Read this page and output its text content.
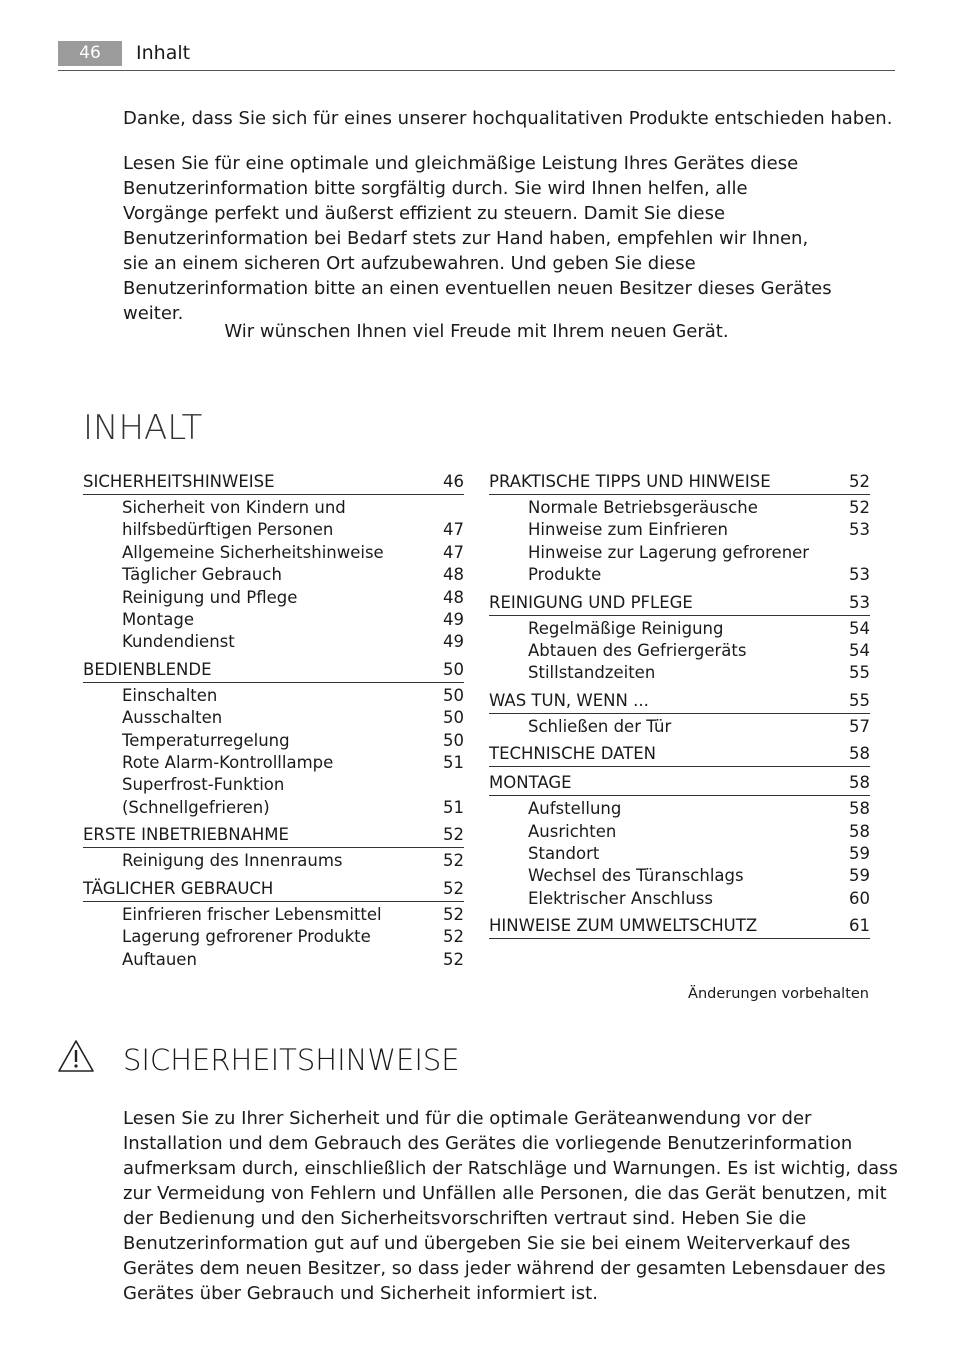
46	Inhalt

Danke, dass Sie sich für eines unserer hochqualitativen Produkte entschieden haben.

Lesen Sie für eine optimale und gleichmäßige Leistung Ihres Gerätes diese Benutzerinformation bitte sorgfältig durch. Sie wird Ihnen helfen, alle Vorgänge perfekt und äußerst effizient zu steuern. Damit Sie diese Benutzerinformation bei Bedarf stets zur Hand haben, empfehlen wir Ihnen, sie an einem sicheren Ort aufzubewahren. Und geben Sie diese Benutzerinformation bitte an einen eventuellen neuen Besitzer dieses Gerätes weiter.

Wir wünschen Ihnen viel Freude mit Ihrem neuen Gerät.
INHALT
SICHERHEITSHINWEISE	46
Sicherheit von Kindern und
hilfsbedürftigen Personen	47
Allgemeine Sicherheitshinweise	47
Täglicher Gebrauch	48
Reinigung und Pflege	48
Montage	49
Kundendienst	49
BEDIENBLENDE	50
Einschalten	50
Ausschalten	50
Temperaturregelung	50
Rote Alarm-Kontrolllampe	51
Superfrost-Funktion (Schnellgefrieren)	51
ERSTE INBETRIEBNAHME	52
Reinigung des Innenraums	52
TÄGLICHER GEBRAUCH	52
Einfrieren frischer Lebensmittel	52
Lagerung gefrorener Produkte	52
Auftauen	52
PRAKTISCHE TIPPS UND HINWEISE	52
Normale Betriebsgeräusche	52
Hinweise zum Einfrieren	53
Hinweise zur Lagerung gefrorener Produkte	53
REINIGUNG UND PFLEGE	53
Regelmäßige Reinigung	54
Abtauen des Gefriergeräts	54
Stillstandzeiten	55
WAS TUN, WENN ...	55
Schließen der Tür	57
TECHNISCHE DATEN	58
MONTAGE	58
Aufstellung	58
Ausrichten	58
Standort	59
Wechsel des Türanschlags	59
Elektrischer Anschluss	60
HINWEISE ZUM UMWELTSCHUTZ	61
Änderungen vorbehalten
SICHERHEITSHINWEISE

Lesen Sie zu Ihrer Sicherheit und für die optimale Geräteanwendung vor der Installation und dem Gebrauch des Gerätes die vorliegende Benutzerinformation aufmerksam durch, einschließlich der Ratschläge und Warnungen. Es ist wichtig, dass zur Vermeidung von Fehlern und Unfällen alle Personen, die das Gerät benutzen, mit der Bedienung und den Sicherheitsvorschriften vertraut sind. Heben Sie die Benutzerinformation gut auf und übergeben Sie sie bei einem Weiterverkauf des Gerätes dem neuen Besitzer, so dass jeder während der gesamten Lebensdauer des Gerätes über Gebrauch und Sicherheit informiert ist.
